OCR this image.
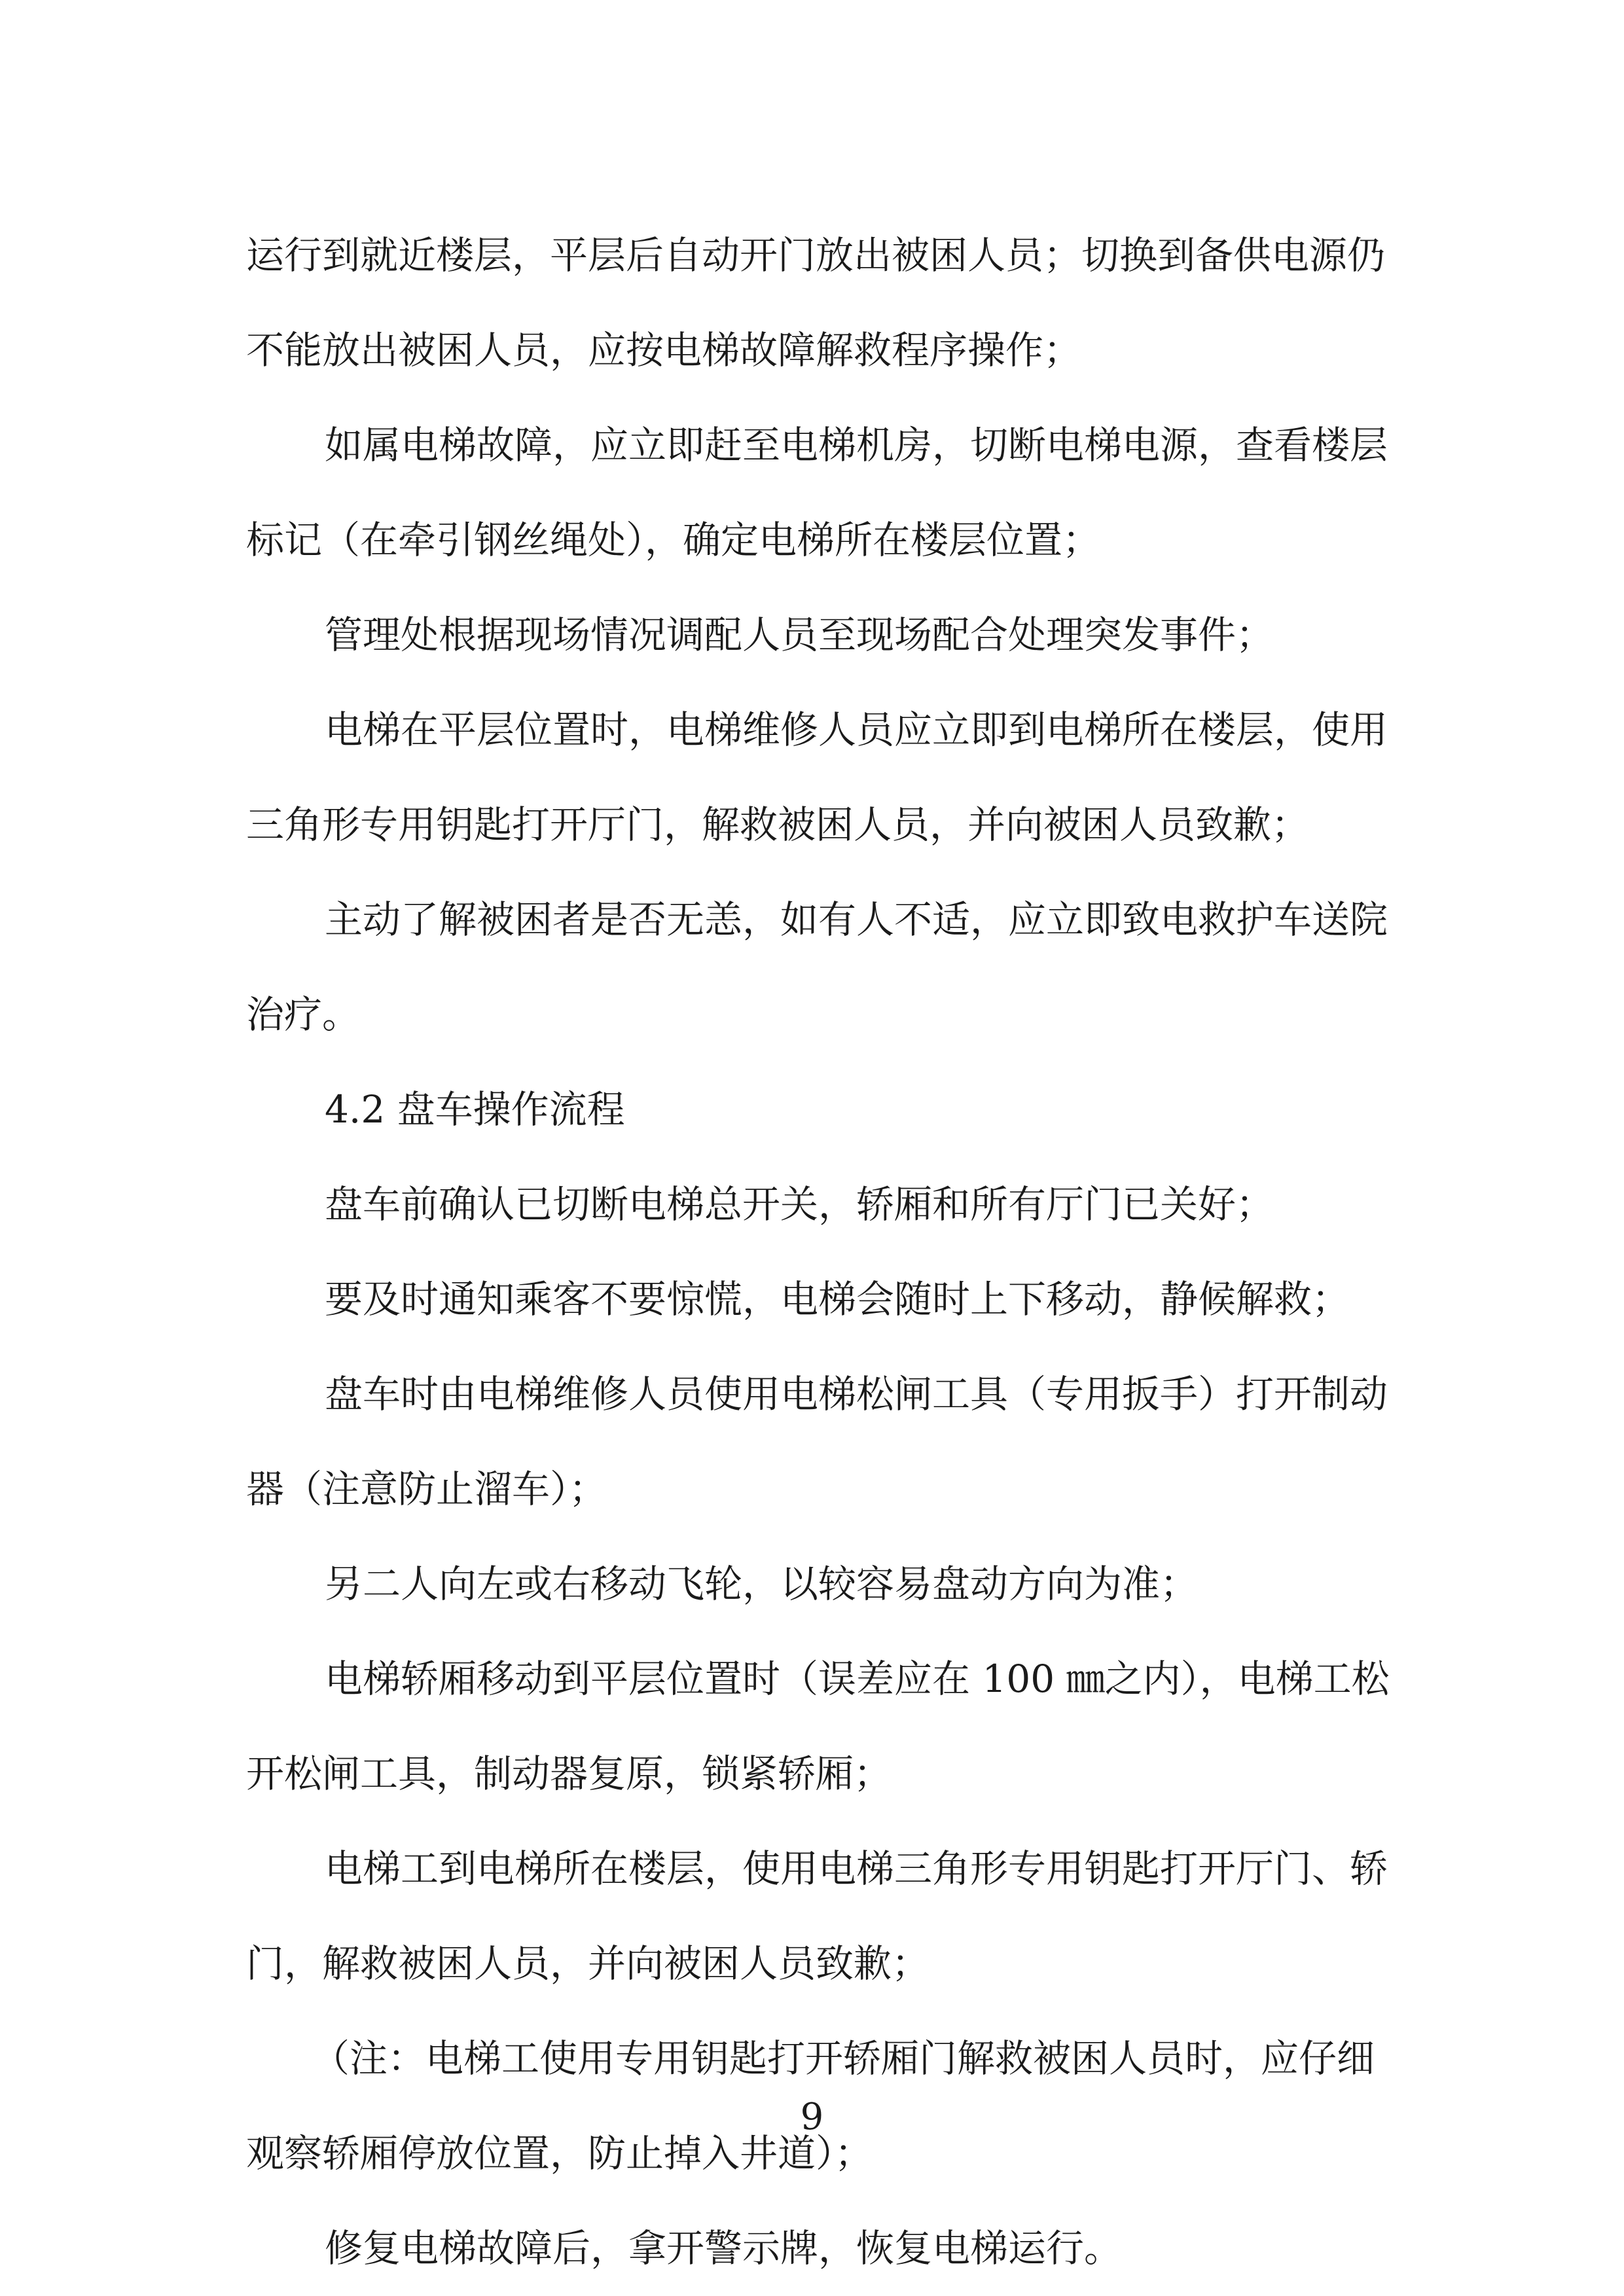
运行到就近楼层，平层后自动开门放出被困人员；切换到备供电源仍
不能放出被困人员，应按电梯故障解救程序操作；
如属电梯故障，应立即赶至电梯机房，切断电梯电源，查看楼层
标记（在牵引钢丝绳处），确定电梯所在楼层位置；
管理处根据现场情况调配人员至现场配合处理突发事件；
电梯在平层位置时，电梯维修人员应立即到电梯所在楼层，使用
三角形专用钥匙打开厅门，解救被困人员，并向被困人员致歉；
主动了解被困者是否无恙，如有人不适，应立即致电救护车送院
治疗。
4.2 盘车操作流程
盘车前确认已切断电梯总开关，轿厢和所有厅门已关好；
要及时通知乘客不要惊慌，电梯会随时上下移动，静候解救；
盘车时由电梯维修人员使用电梯松闸工具（专用扳手）打开制动
器（注意防止溜车）；
另二人向左或右移动飞轮，以较容易盘动方向为准；
电梯轿厢移动到平层位置时（误差应在 100 ㎜之内），电梯工松
开松闸工具，制动器复原，锁紧轿厢；
电梯工到电梯所在楼层，使用电梯三角形专用钥匙打开厅门、轿
门，解救被困人员，并向被困人员致歉；
（注：电梯工使用专用钥匙打开轿厢门解救被困人员时，应仔细
观察轿厢停放位置，防止掉入井道）；
修复电梯故障后，拿开警示牌，恢复电梯运行。
9
